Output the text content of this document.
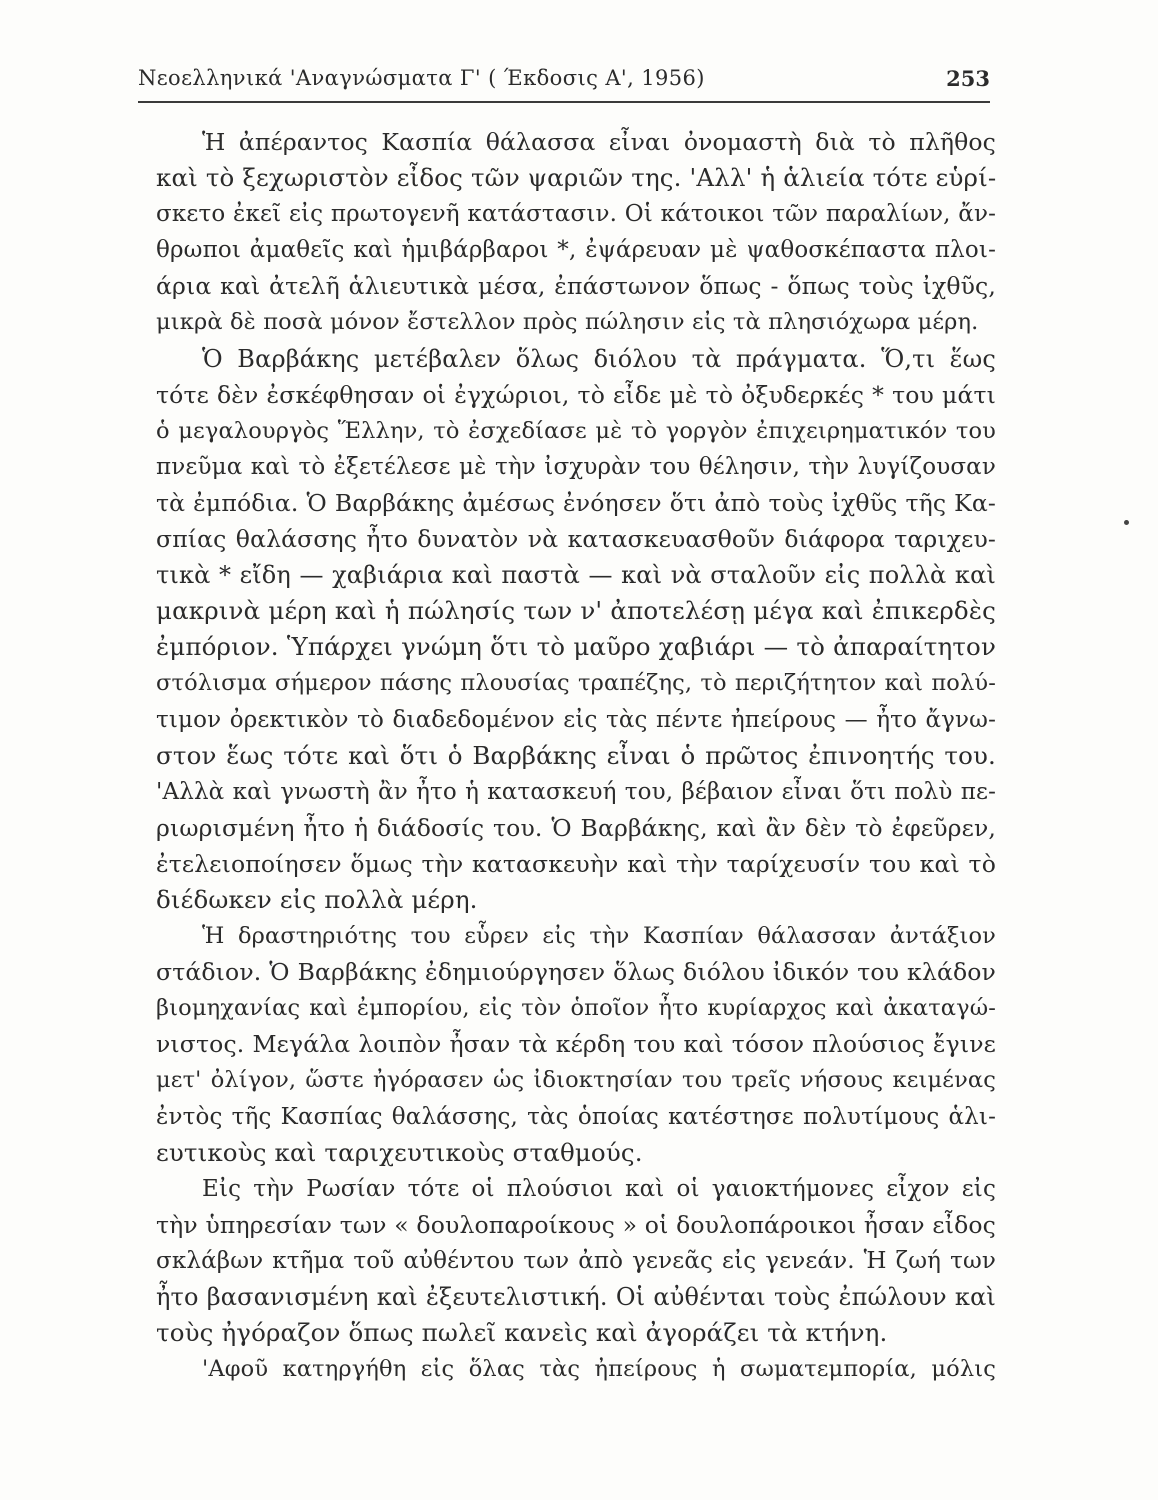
Νεοελληνικά 'Αναγνώσματα Γ' ( Έκδοσις Α', 1956)	253
Ἡ ἀπέραντος Κασπία θάλασσα εἶναι ὀνομαστὴ διὰ τὸ πλῆθος
καὶ τὸ ξεχωριστὸν εἶδος τῶν ψαριῶν της. 'Αλλ' ἡ ἁλιεία τότε εὑρί-
σκετο ἐκεῖ εἰς πρωτογενῆ κατάστασιν. Οἱ κάτοικοι τῶν παραλίων, ἄν-
θρωποι ἀμαθεῖς καὶ ἡμιβάρβαροι *, ἐψάρευαν μὲ ψαθοσκέπαστα πλοι-
άρια καὶ ἀτελῆ ἁλιευτικὰ μέσα, ἐπάστωνον ὅπως - ὅπως τοὺς ἰχθῦς,
μικρὰ δὲ ποσὰ μόνον ἔστελλον πρὸς πώλησιν εἰς τὰ πλησιόχωρα μέρη.
Ὁ Βαρβάκης μετέβαλεν ὅλως διόλου τὰ πράγματα. Ὅ,τι ἕως
τότε δὲν ἐσκέφθησαν οἱ ἐγχώριοι, τὸ εἶδε μὲ τὸ ὀξυδερκές * του μάτι
ὁ μεγαλουργὸς Ἕλλην, τὸ ἐσχεδίασε μὲ τὸ γοργὸν ἐπιχειρηματικόν του
πνεῦμα καὶ τὸ ἐξετέλεσε μὲ τὴν ἰσχυρὰν του θέλησιν, τὴν λυγίζουσαν
τὰ ἐμπόδια. Ὁ Βαρβάκης ἀμέσως ἐνόησεν ὅτι ἀπὸ τοὺς ἰχθῦς τῆς Κα-
σπίας θαλάσσης ἦτο δυνατὸν νὰ κατασκευασθοῦν διάφορα ταριχευ-
τικὰ * εἴδη — χαβιάρια καὶ παστὰ — καὶ νὰ σταλοῦν εἰς πολλὰ καὶ
μακρινὰ μέρη καὶ ἡ πώλησίς των ν' ἀποτελέσῃ μέγα καὶ ἐπικερδὲς
ἐμπόριον. Ὑπάρχει γνώμη ὅτι τὸ μαῦρο χαβιάρι — τὸ ἀπαραίτητον
στόλισμα σήμερον πάσης πλουσίας τραπέζης, τὸ περιζήτητον καὶ πολύ-
τιμον ὀρεκτικὸν τὸ διαδεδομένον εἰς τὰς πέντε ἠπείρους — ἦτο ἄγνω-
στον ἕως τότε καὶ ὅτι ὁ Βαρβάκης εἶναι ὁ πρῶτος ἐπινοητής του.
'Αλλὰ καὶ γνωστὴ ἂν ἦτο ἡ κατασκευή του, βέβαιον εἶναι ὅτι πολὺ πε-
ριωρισμένη ἦτο ἡ διάδοσίς του. Ὁ Βαρβάκης, καὶ ἂν δὲν τὸ ἐφεῦρεν,
ἐτελειοποίησεν ὅμως τὴν κατασκευὴν καὶ τὴν ταρίχευσίν του καὶ τὸ
διέδωκεν εἰς πολλὰ μέρη.
Ἡ δραστηριότης του εὗρεν εἰς τὴν Κασπίαν θάλασσαν ἀντάξιον
στάδιον. Ὁ Βαρβάκης ἐδημιούργησεν ὅλως διόλου ἰδικόν του κλάδον
βιομηχανίας καὶ ἐμπορίου, εἰς τὸν ὁποῖον ἦτο κυρίαρχος καὶ ἀκαταγώ-
νιστος. Μεγάλα λοιπὸν ἦσαν τὰ κέρδη του καὶ τόσον πλούσιος ἔγινε
μετ' ὀλίγον, ὥστε ἠγόρασεν ὡς ἰδιοκτησίαν του τρεῖς νήσους κειμένας
ἐντὸς τῆς Κασπίας θαλάσσης, τὰς ὁποίας κατέστησε πολυτίμους ἁλι-
ευτικοὺς καὶ ταριχευτικοὺς σταθμούς.
Εἰς τὴν Ρωσίαν τότε οἱ πλούσιοι καὶ οἱ γαιοκτήμονες εἶχον εἰς
τὴν ὑπηρεσίαν των « δουλοπαροίκους » οἱ δουλοπάροικοι ἦσαν εἶδος
σκλάβων κτῆμα τοῦ αὐθέντου των ἀπὸ γενεᾶς εἰς γενεάν. Ἡ ζωή των
ἦτο βασανισμένη καὶ ἐξευτελιστική. Οἱ αὐθένται τοὺς ἐπώλουν καὶ
τοὺς ἠγόραζον ὅπως πωλεῖ κανεὶς καὶ ἀγοράζει τὰ κτήνη.
'Αφοῦ κατηργήθη εἰς ὅλας τὰς ἠπείρους ἡ σωματεμπορία, μόλις
